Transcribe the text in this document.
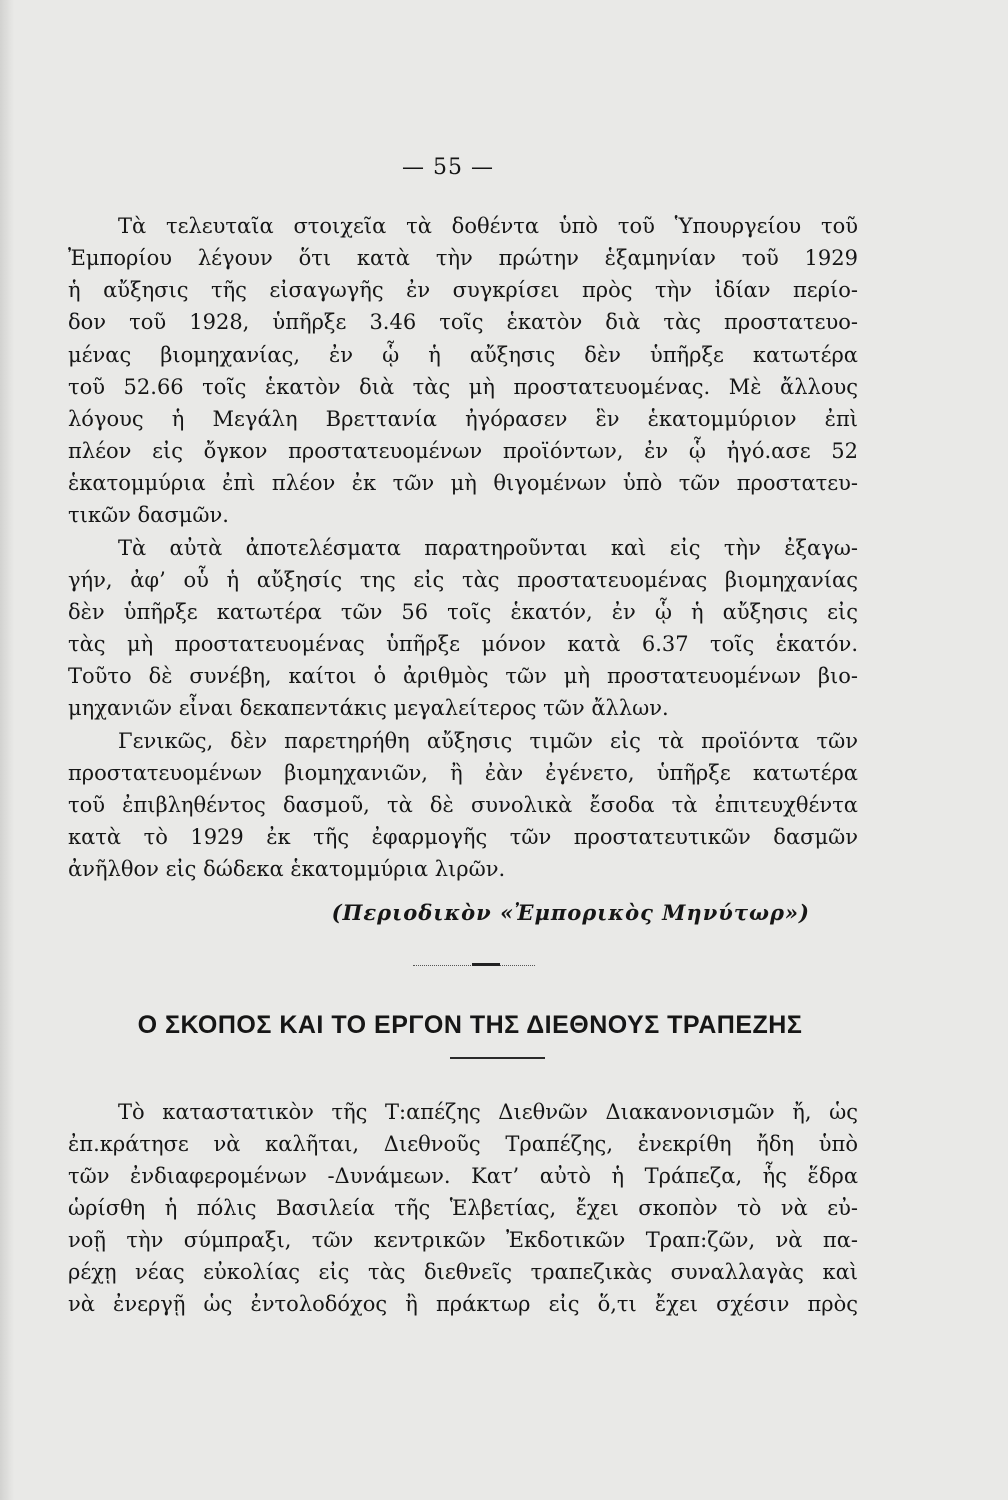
— 55 —
Τὰ τελευταῖα στοιχεῖα τὰ δοθέντα ὑπὸ τοῦ Ὑπουργείου τοῦ
Ἐμπορίου λέγουν ὅτι κατὰ τὴν πρώτην ἑξαμηνίαν τοῦ 1929
ἡ αὔξησις τῆς εἰσαγωγῆς ἐν συγκρίσει πρὸς τὴν ἰδίαν περίο-
δον τοῦ 1928, ὑπῆρξε 3.46 τοῖς ἑκατὸν διὰ τὰς προστατευο-
μένας βιομηχανίας, ἐν ᾧ ἡ αὔξησις δὲν ὑπῆρξε κατωτέρα
τοῦ 52.66 τοῖς ἑκατὸν διὰ τὰς μὴ προστατευομένας. Μὲ ἄλλους
λόγους ἡ Μεγάλη Βρεττανία ἠγόρασεν ἓν ἑκατομμύριον ἐπὶ
πλέον εἰς ὄγκον προστατευομένων προϊόντων, ἐν ᾧ ἠγό.ασε 52
ἑκατομμύρια ἐπὶ πλέον ἐκ τῶν μὴ θιγομένων ὑπὸ τῶν προστατευ-
τικῶν δασμῶν.
Τὰ αὐτὰ ἀποτελέσματα παρατηροῦνται καὶ εἰς τὴν ἐξαγω-
γήν, ἀφ’ οὗ ἡ αὔξησίς της εἰς τὰς προστατευομένας βιομηχανίας
δὲν ὑπῆρξε κατωτέρα τῶν 56 τοῖς ἑκατόν, ἐν ᾧ ἡ αὔξησις εἰς
τὰς μὴ προστατευομένας ὑπῆρξε μόνον κατὰ 6.37 τοῖς ἑκατόν.
Τοῦτο δὲ συνέβη, καίτοι ὁ ἀριθμὸς τῶν μὴ προστατευομένων βιο-
μηχανιῶν εἶναι δεκαπεντάκις μεγαλείτερος τῶν ἄλλων.
Γενικῶς, δὲν παρετηρήθη αὔξησις τιμῶν εἰς τὰ προϊόντα τῶν
προστατευομένων βιομηχανιῶν, ἢ ἐὰν ἐγένετο, ὑπῆρξε κατωτέρα
τοῦ ἐπιβληθέντος δασμοῦ, τὰ δὲ συνολικὰ ἔσοδα τὰ ἐπιτευχθέντα
κατὰ τὸ 1929 ἐκ τῆς ἐφαρμογῆς τῶν προστατευτικῶν δασμῶν
ἀνῆλθον εἰς δώδεκα ἑκατομμύρια λιρῶν.
(Περιοδικὸν «Ἐμπορικὸς Μηνύτωρ»)
Ο ΣΚΟΠΟΣ ΚΑΙ ΤΟ ΕΡΓΟΝ ΤΗΣ ΔΙΕΘΝΟΥΣ ΤΡΑΠΕΖΗΣ
Τὸ καταστατικὸν τῆς Τ:απέζης Διεθνῶν Διακανονισμῶν ἤ, ὡς
ἐπ.κράτησε νὰ καλῆται, Διεθνοῦς Τραπέζης, ἐνεκρίθη ἤδη ὑπὸ
τῶν ἐνδιαφερομένων -Δυνάμεων. Κατ’ αὐτὸ ἡ Τράπεζα, ἧς ἕδρα
ὡρίσθη ἡ πόλις Βασιλεία τῆς Ἑλβετίας, ἔχει σκοπὸν τὸ νὰ εὐ-
νοῇ τὴν σύμπραξι, τῶν κεντρικῶν Ἐκδοτικῶν Τραπ:ζῶν, νὰ πα-
ρέχῃ νέας εὐκολίας εἰς τὰς διεθνεῖς τραπεζικὰς συναλλαγὰς καὶ
νὰ ἐνεργῇ ὡς ἐντολοδόχος ἢ πράκτωρ εἰς ὅ,τι ἔχει σχέσιν πρὸς
